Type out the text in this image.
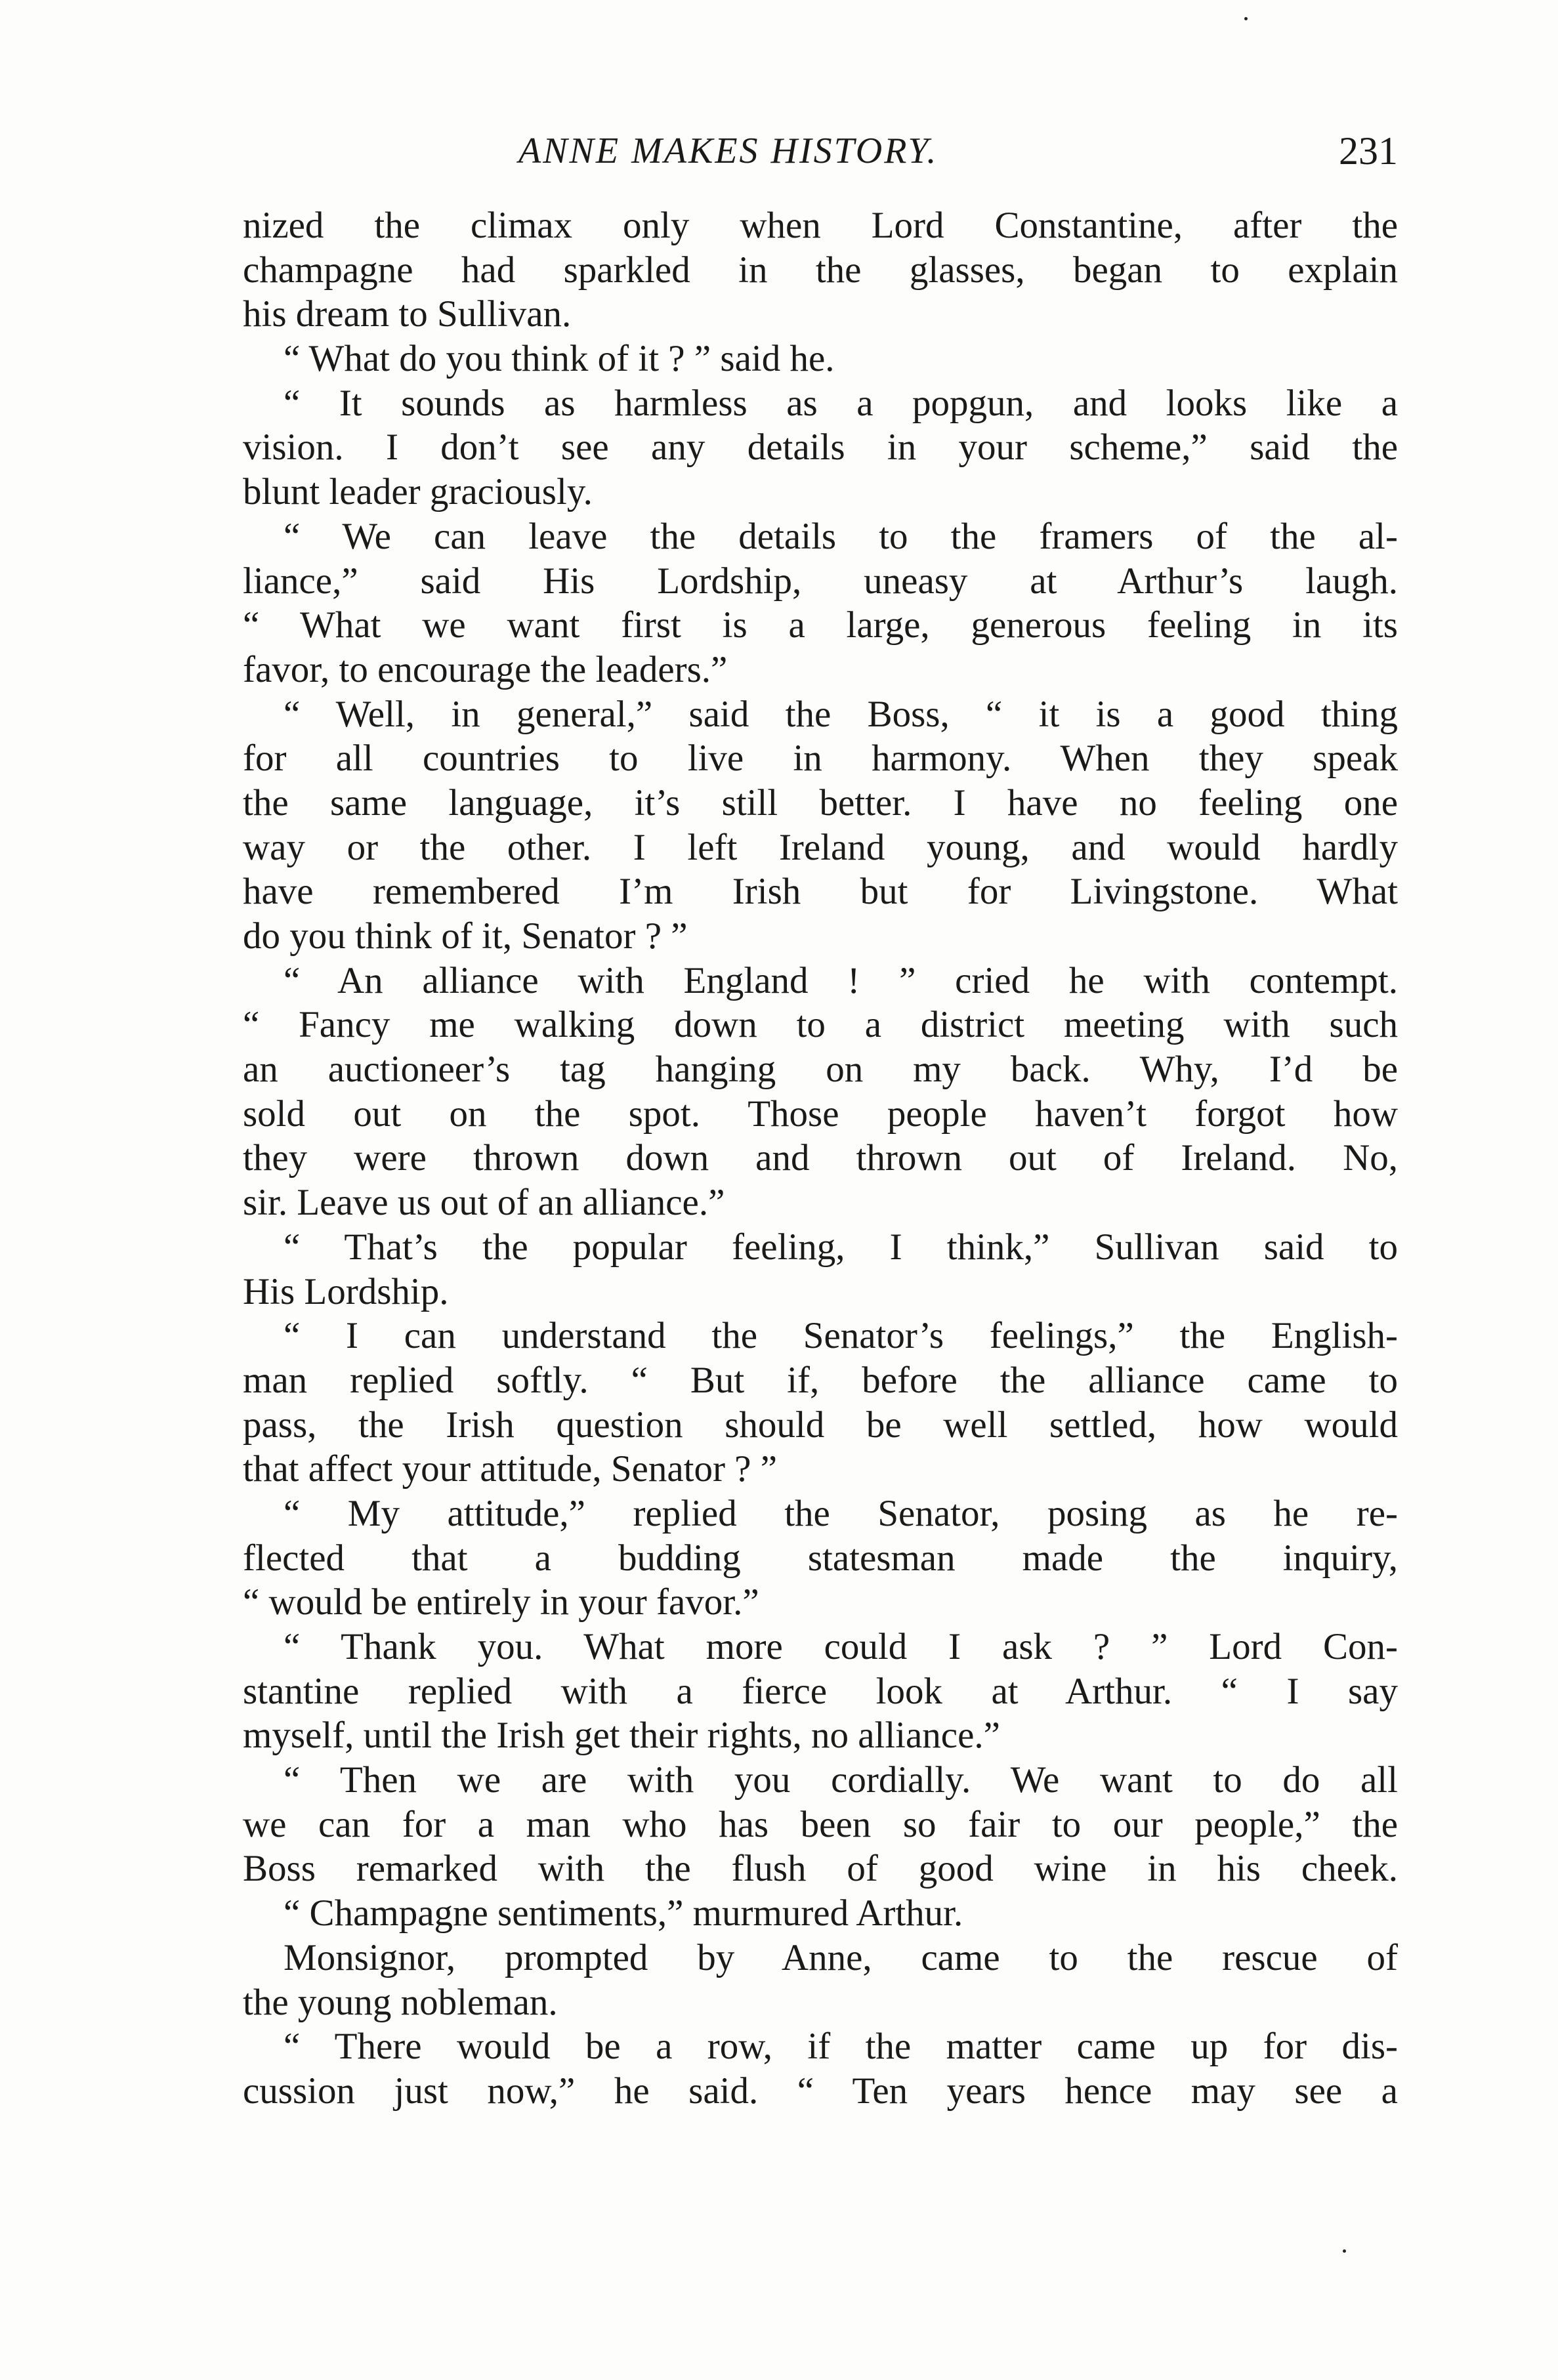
ANNE MAKES HISTORY.	231
nized the climax only when Lord Constantine, after the
champagne had sparkled in the glasses, began to explain
his dream to Sullivan.
“ What do you think of it ? ” said he.
“ It sounds as harmless as a popgun, and looks like a
vision. I don’t see any details in your scheme,” said the
blunt leader graciously.
“ We can leave the details to the framers of the al-
liance,” said His Lordship, uneasy at Arthur’s laugh.
“ What we want first is a large, generous feeling in its
favor, to encourage the leaders.”
“ Well, in general,” said the Boss, “ it is a good thing
for all countries to live in harmony. When they speak
the same language, it’s still better. I have no feeling one
way or the other. I left Ireland young, and would hardly
have remembered I’m Irish but for Livingstone. What
do you think of it, Senator ? ”
“ An alliance with England ! ” cried he with contempt.
“ Fancy me walking down to a district meeting with such
an auctioneer’s tag hanging on my back. Why, I’d be
sold out on the spot. Those people haven’t forgot how
they were thrown down and thrown out of Ireland. No,
sir. Leave us out of an alliance.”
“ That’s the popular feeling, I think,” Sullivan said to
His Lordship.
“ I can understand the Senator’s feelings,” the English-
man replied softly. “ But if, before the alliance came to
pass, the Irish question should be well settled, how would
that affect your attitude, Senator ? ”
“ My attitude,” replied the Senator, posing as he re-
flected that a budding statesman made the inquiry,
“ would be entirely in your favor.”
“ Thank you. What more could I ask ? ” Lord Con-
stantine replied with a fierce look at Arthur. “ I say
myself, until the Irish get their rights, no alliance.”
“ Then we are with you cordially. We want to do all
we can for a man who has been so fair to our people,” the
Boss remarked with the flush of good wine in his cheek.
“ Champagne sentiments,” murmured Arthur.
Monsignor, prompted by Anne, came to the rescue of
the young nobleman.
“ There would be a row, if the matter came up for dis-
cussion just now,” he said. “ Ten years hence may see a
